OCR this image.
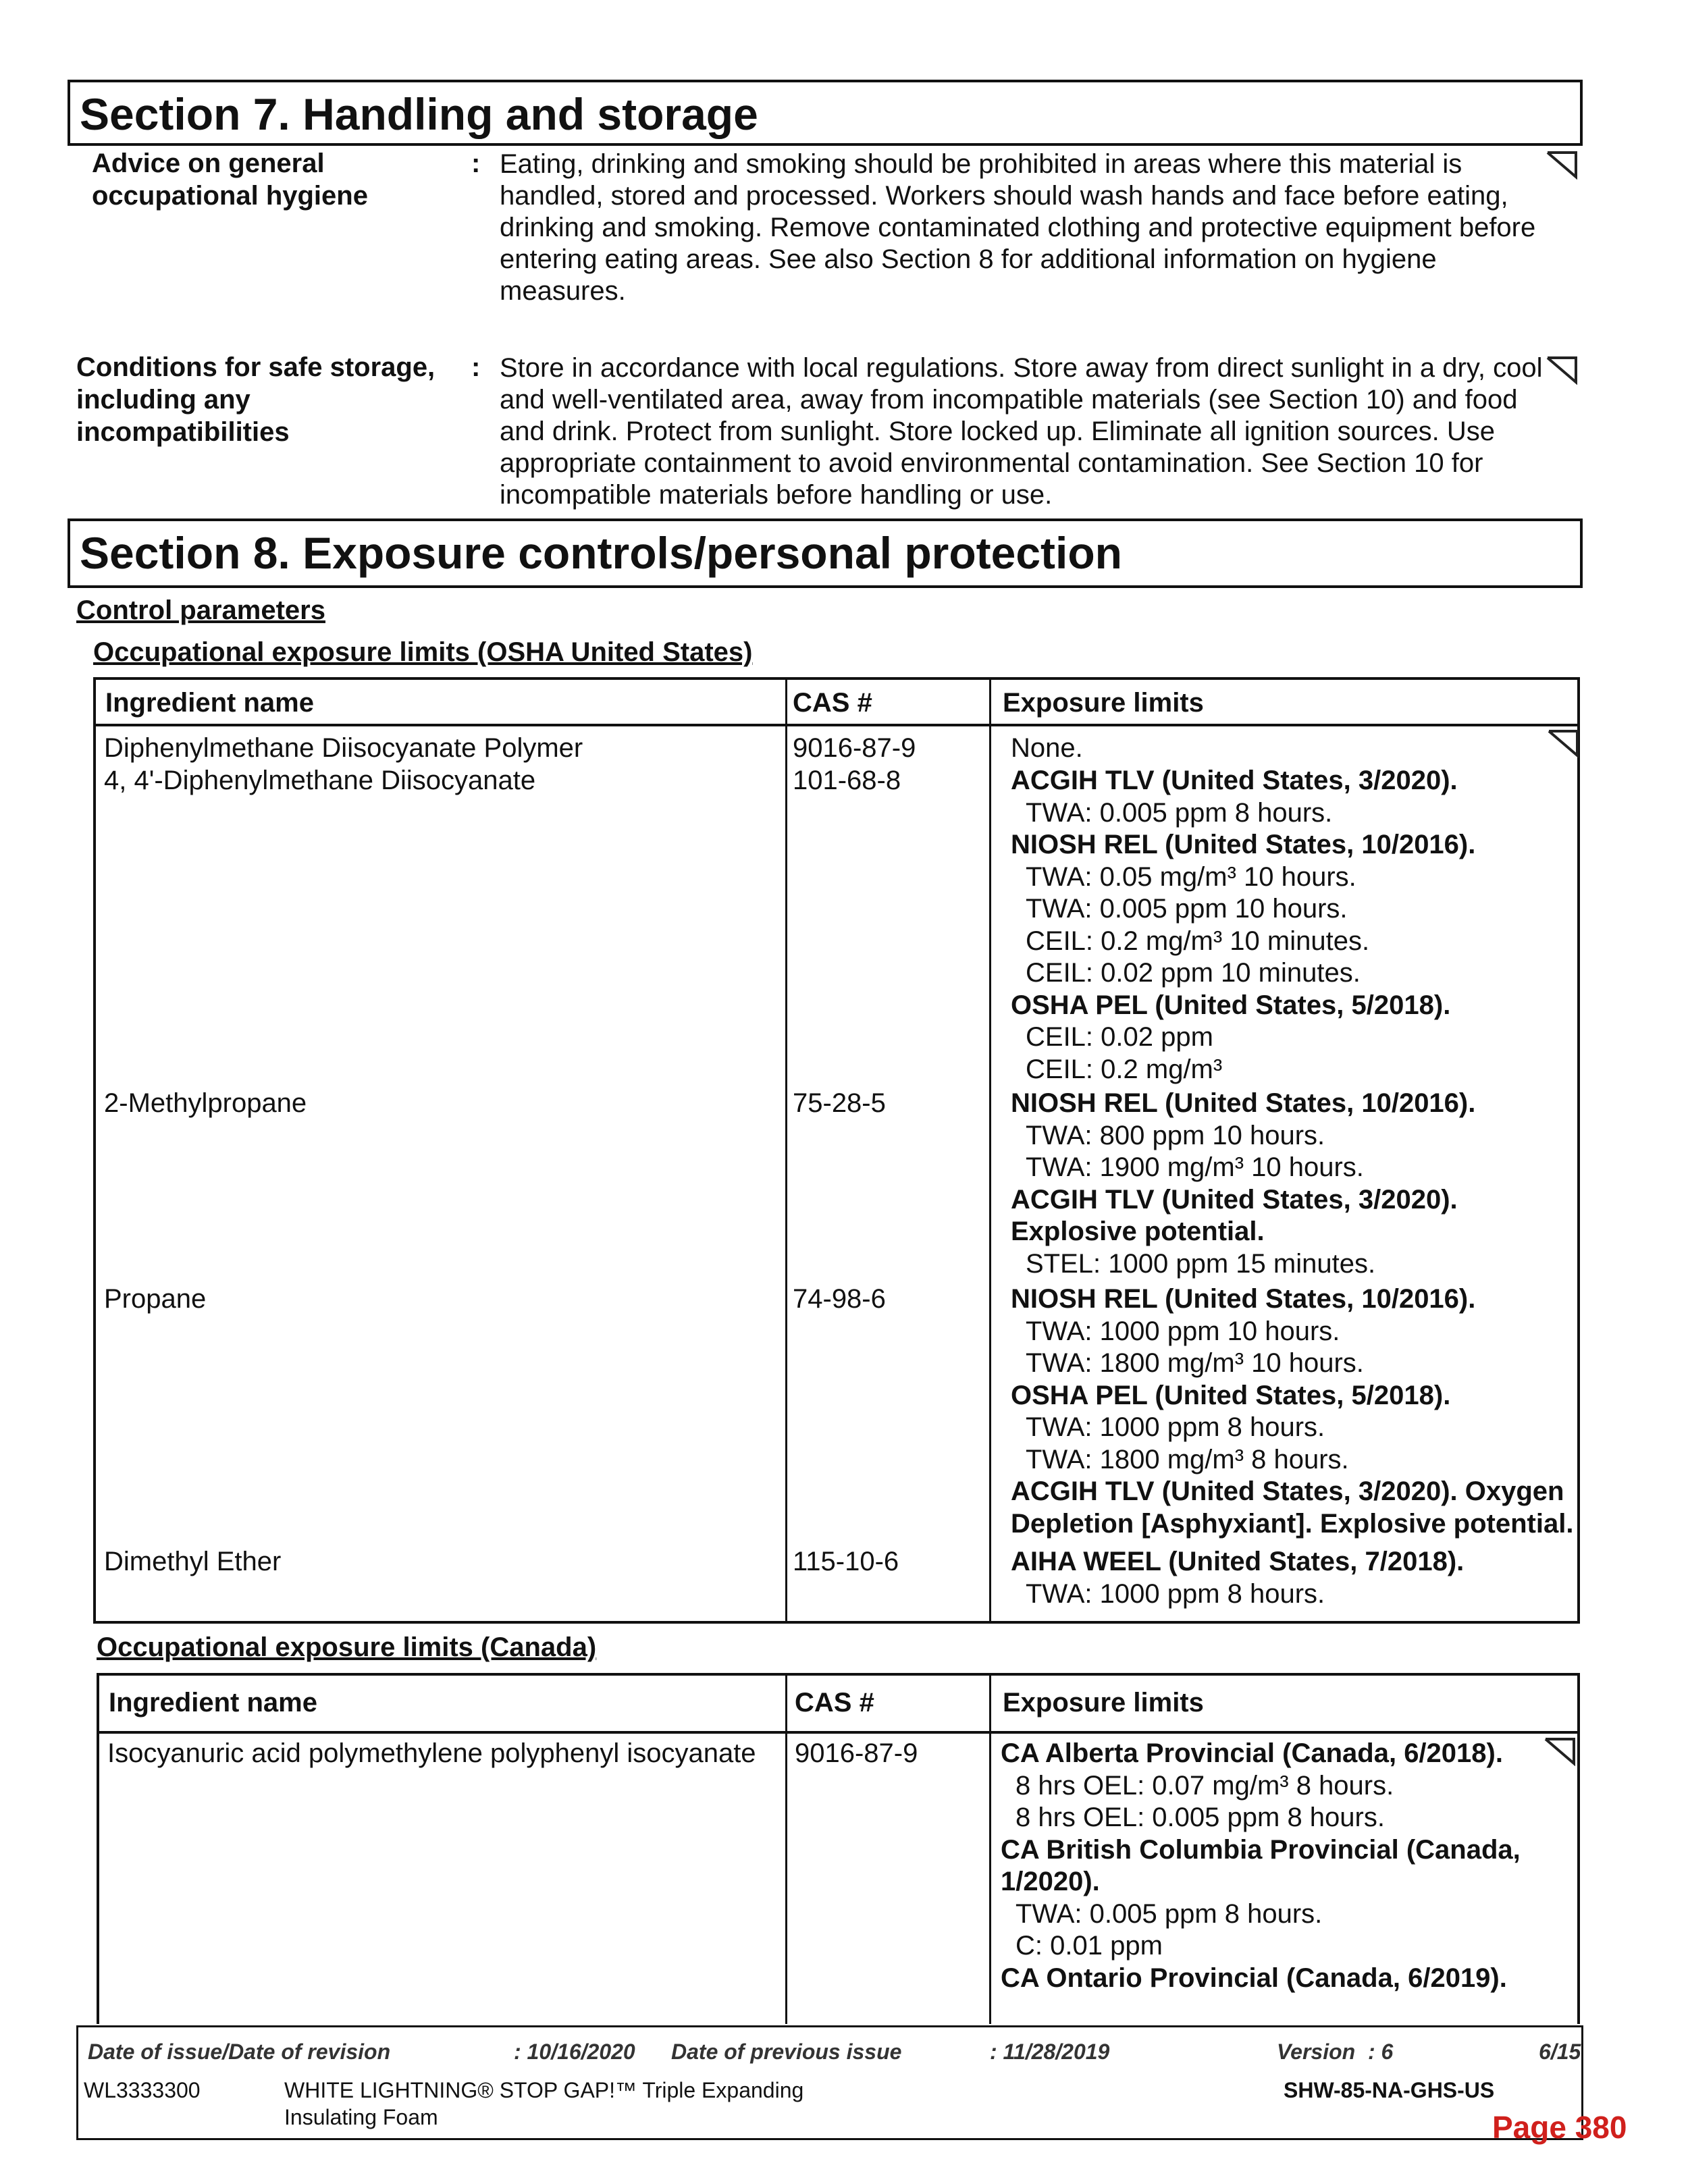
Section 7. Handling and storage
Advice on general
occupational hygiene
: Eating, drinking and smoking should be prohibited in areas where this material is
handled, stored and processed. Workers should wash hands and face before eating,
drinking and smoking. Remove contaminated clothing and protective equipment before
entering eating areas. See also Section 8 for additional information on hygiene
measures.
Conditions for safe storage,
including any
incompatibilities
: Store in accordance with local regulations. Store away from direct sunlight in a dry, cool
and well-ventilated area, away from incompatible materials (see Section 10) and food
and drink. Protect from sunlight. Store locked up. Eliminate all ignition sources. Use
appropriate containment to avoid environmental contamination. See Section 10 for
incompatible materials before handling or use.
Section 8. Exposure controls/personal protection
Control parameters
Occupational exposure limits (OSHA United States)
Ingredient name	CAS #	Exposure limits
Diphenylmethane Diisocyanate Polymer	9016-87-9	None.
4, 4'-Diphenylmethane Diisocyanate	101-68-8	ACGIH TLV (United States, 3/2020).
TWA: 0.005 ppm 8 hours.
NIOSH REL (United States, 10/2016).
TWA: 0.05 mg/m³ 10 hours.
TWA: 0.005 ppm 10 hours.
CEIL: 0.2 mg/m³ 10 minutes.
CEIL: 0.02 ppm 10 minutes.
OSHA PEL (United States, 5/2018).
CEIL: 0.02 ppm
CEIL: 0.2 mg/m³
2-Methylpropane	75-28-5	NIOSH REL (United States, 10/2016).
TWA: 800 ppm 10 hours.
TWA: 1900 mg/m³ 10 hours.
ACGIH TLV (United States, 3/2020).
Explosive potential.
STEL: 1000 ppm 15 minutes.
Propane	74-98-6	NIOSH REL (United States, 10/2016).
TWA: 1000 ppm 10 hours.
TWA: 1800 mg/m³ 10 hours.
OSHA PEL (United States, 5/2018).
TWA: 1000 ppm 8 hours.
TWA: 1800 mg/m³ 8 hours.
ACGIH TLV (United States, 3/2020). Oxygen
Depletion [Asphyxiant]. Explosive potential.
Dimethyl Ether	115-10-6	AIHA WEEL (United States, 7/2018).
TWA: 1000 ppm 8 hours.
Occupational exposure limits (Canada)
Ingredient name	CAS #	Exposure limits
Isocyanuric acid polymethylene polyphenyl isocyanate 9016-87-9	CA Alberta Provincial (Canada, 6/2018).
8 hrs OEL: 0.07 mg/m³ 8 hours.
8 hrs OEL: 0.005 ppm 8 hours.
CA British Columbia Provincial (Canada,
1/2020).
TWA: 0.005 ppm 8 hours.
C: 0.01 ppm
CA Ontario Provincial (Canada, 6/2019).
Date of issue/Date of revision	: 10/16/2020 Date of previous issue	: 11/28/2019	Version : 6	6/15
WL3333300	WHITE LIGHTNING® STOP GAP!™ Triple Expanding
Insulating Foam
SHW-85-NA-GHS-US
Page 380
